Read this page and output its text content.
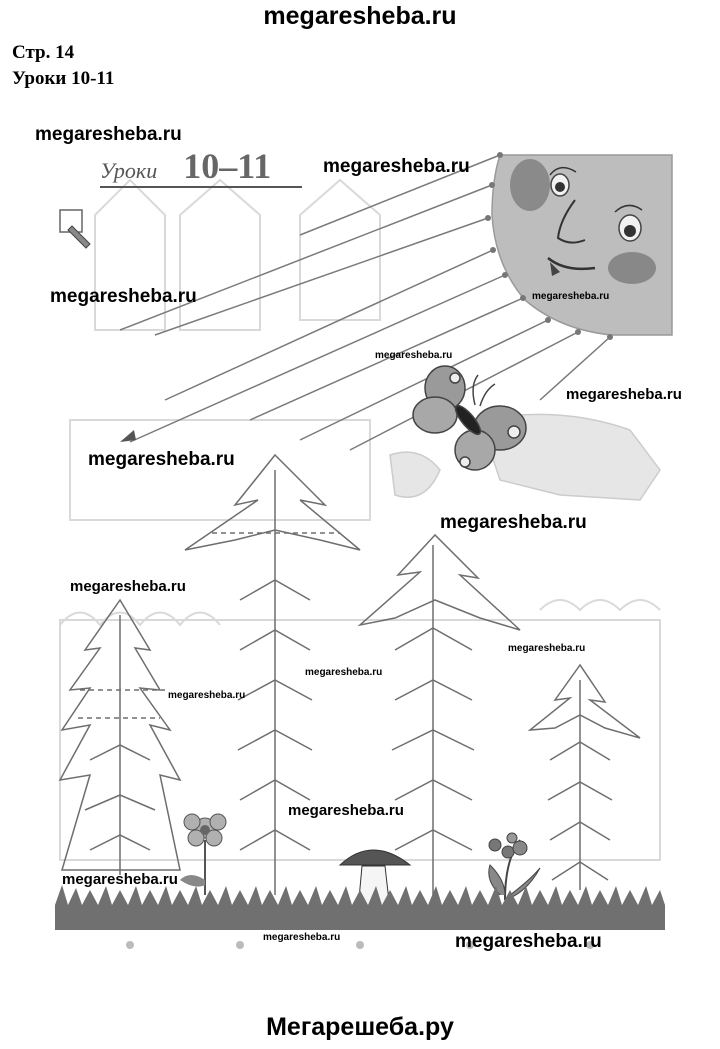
megaresheba.ru
Стр. 14
Уроки 10-11
Уроки 10–11
megaresheba.ru
megaresheba.ru
megaresheba.ru	megaresheba.ru
megaresheba.ru
megaresheba.ru
megaresheba.ru
megaresheba.ru
megaresheba.ru
megaresheba.ru
megaresheba.ru
megaresheba.ru
megaresheba.ru
megaresheba.ru
megaresheba.ru	megaresheba.ru
Мегарешеба.ру
